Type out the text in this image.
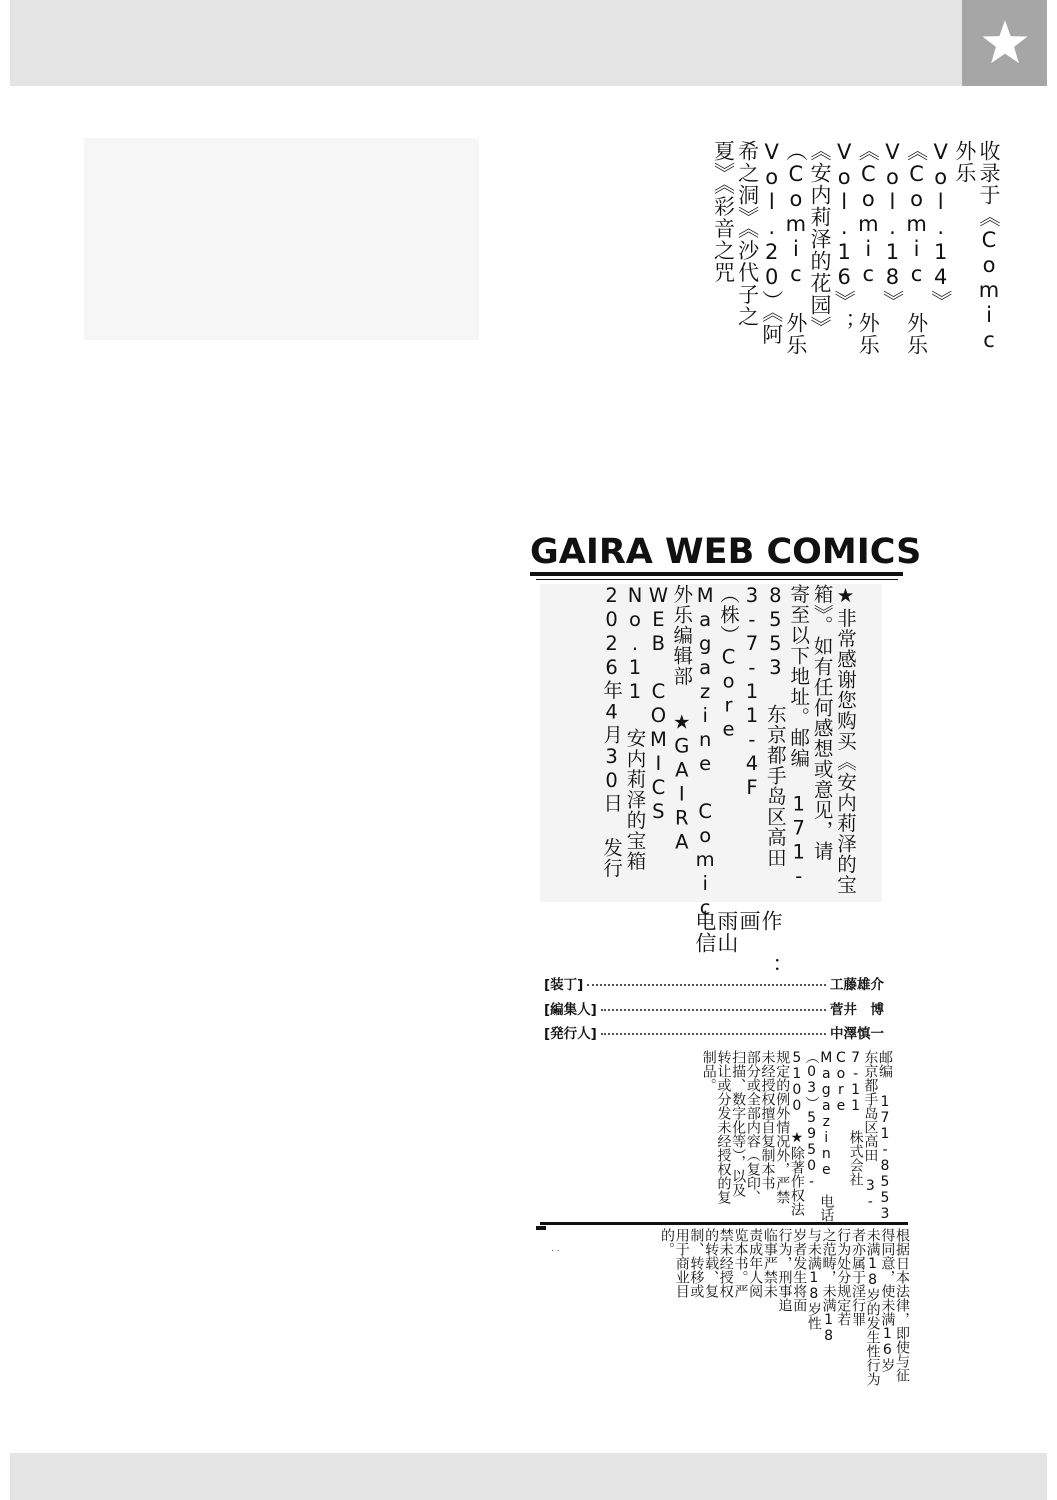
收录于《Comic
外乐
Vol.14》
《Comic 外乐
Vol.18》
《Comic 外乐
Vol.16》；
《安内莉泽的花园》
（Comic 外乐
Vol.20）《阿
希之洞》《沙代子之
夏》《彩音之咒
GAIRA WEB COMICS
★非常感谢您购买《安内莉泽的宝
箱》。如有任何感想或意见，请
寄至以下地址。邮编 171-
8553 东京都手岛区高田
3-7-11-4F
（株）Core
Magazine Comic
外乐编辑部 ★GAIRA
WEB COMICS
No.11 安内莉泽的宝箱
2026年4月30日 发行
作 ：
画
雨山
电信
[装丁]	工藤雄介
[編集人]	菅井　博
[発行人]	中澤慎一
邮编 171-8553
东京都手岛区高田 3-
7-11 株式会社
Core
Magazine 电话
（03）5950-
5100 ★除著作权法
规定的例外情况外，严禁
未经授权擅自复制本书
部分或全部内容（复印、
扫描、数字化等），以及
转让或分发未经授权的复
制品。
. .	根据日本法律，即使与征
得同意，使未满16岁
未满18岁的发生性行为
者亦属于淫行罪
行为处分规定若
之范畴，未满18
与未满18岁性
岁者发生将面
行为，刑事追
临事严禁未
责成年人阅
览本书。严
禁未经授权
的转载、复
制、转移或
用于商业目
的。
